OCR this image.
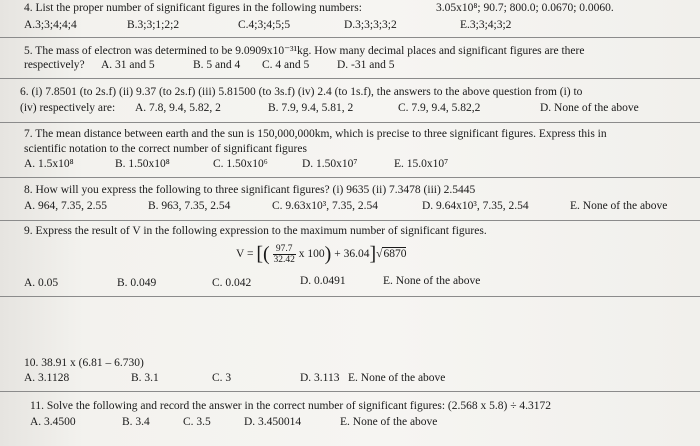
4. List the proper number of significant figures in the following numbers:	3.05x10⁸; 90.7; 800.0; 0.0670; 0.0060.
A.3;3;4;4;4	B.3;3;1;2;2	C.4;3;4;5;5	D.3;3;3;3;2	E.3;3;4;3;2
5. The mass of electron was determined to be 9.0909x10⁻³¹kg. How many decimal places and significant figures are there
respectively? A. 31 and 5	B. 5 and 4 C. 4 and 5 D. -31 and 5
6. (i) 7.8501 (to 2s.f) (ii) 9.37 (to 2s.f) (iii) 5.81500 (to 3s.f) (iv) 2.4 (to 1s.f), the answers to the above question from (i) to
(iv) respectively are: A. 7.8, 9.4, 5.82, 2	B. 7.9, 9.4, 5.81, 2	C. 7.9, 9.4, 5.82,2	D. None of the above
7. The mean distance between earth and the sun is 150,000,000km, which is precise to three significant figures. Express this in
scientific notation to the correct number of significant figures
A. 1.5x10⁸	B. 1.50x10⁸	C. 1.50x10⁶	D. 1.50x10⁷	E. 15.0x10⁷
8. How will you express the following to three significant figures? (i) 9635 (ii) 7.3478 (iii) 2.5445
A. 964, 7.35, 2.55	B. 963, 7.35, 2.54	C. 9.63x10³, 7.35, 2.54	D. 9.64x10³, 7.35, 2.54	E. None of the above
9. Express the result of V in the following expression to the maximum number of significant figures.
V = [( $\frac{97.7}{32.42}$ x 100) + 36.04]√6870
A. 0.05	B. 0.049	C. 0.042	D. 0.0491	E. None of the above
10. 38.91 x (6.81 – 6.730)
A. 3.1128	B. 3.1	C. 3	D. 3.113 E. None of the above
11. Solve the following and record the answer in the correct number of significant figures: (2.568 x 5.8) ÷ 4.3172
A. 3.4500	B. 3.4	C. 3.5	D. 3.450014	E. None of the above
